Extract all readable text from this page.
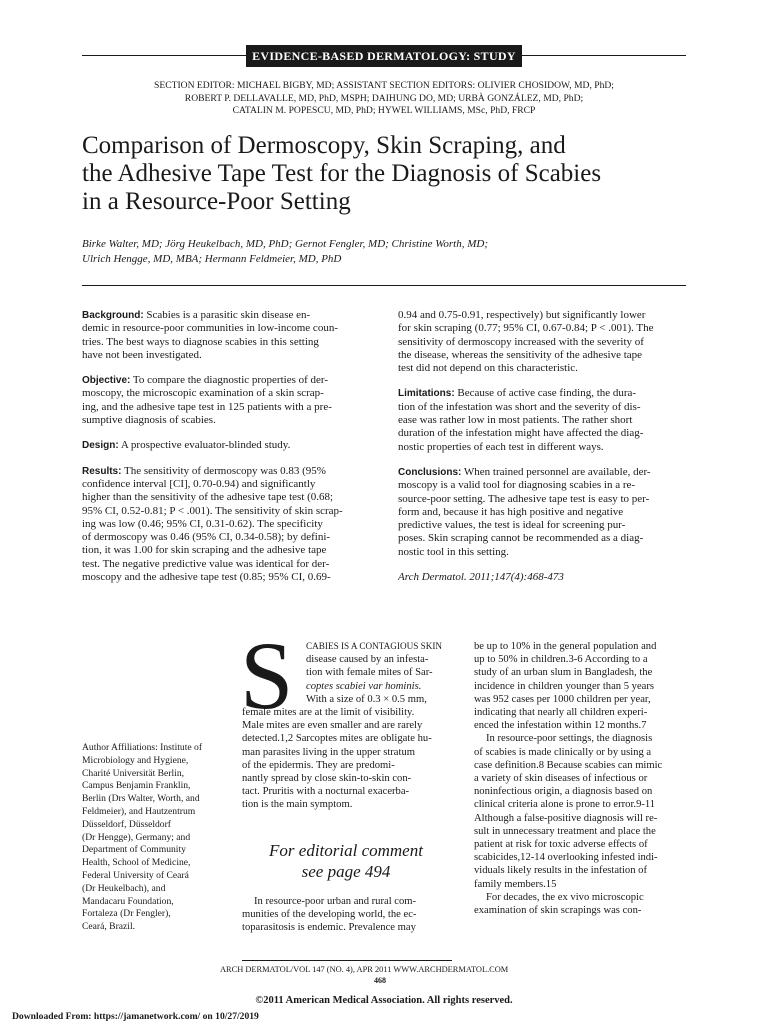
EVIDENCE-BASED DERMATOLOGY: STUDY
SECTION EDITOR: MICHAEL BIGBY, MD; ASSISTANT SECTION EDITORS: OLIVIER CHOSIDOW, MD, PhD;
ROBERT P. DELLAVALLE, MD, PhD, MSPH; DAIHUNG DO, MD; URBÀ GONZÁLEZ, MD, PhD;
CATALIN M. POPESCU, MD, PhD; HYWEL WILLIAMS, MSc, PhD, FRCP
Comparison of Dermoscopy, Skin Scraping, and
the Adhesive Tape Test for the Diagnosis of Scabies
in a Resource-Poor Setting
Birke Walter, MD; Jörg Heukelbach, MD, PhD; Gernot Fengler, MD; Christine Worth, MD;
Ulrich Hengge, MD, MBA; Hermann Feldmeier, MD, PhD
Background: Scabies is a parasitic skin disease en-
demic in resource-poor communities in low-income coun-
tries. The best ways to diagnose scabies in this setting
have not been investigated.
Objective: To compare the diagnostic properties of der-
moscopy, the microscopic examination of a skin scrap-
ing, and the adhesive tape test in 125 patients with a pre-
sumptive diagnosis of scabies.
Design: A prospective evaluator-blinded study.
Results: The sensitivity of dermoscopy was 0.83 (95%
confidence interval [CI], 0.70-0.94) and significantly
higher than the sensitivity of the adhesive tape test (0.68;
95% CI, 0.52-0.81; P < .001). The sensitivity of skin scrap-
ing was low (0.46; 95% CI, 0.31-0.62). The specificity
of dermoscopy was 0.46 (95% CI, 0.34-0.58); by defini-
tion, it was 1.00 for skin scraping and the adhesive tape
test. The negative predictive value was identical for der-
moscopy and the adhesive tape test (0.85; 95% CI, 0.69-
0.94 and 0.75-0.91, respectively) but significantly lower
for skin scraping (0.77; 95% CI, 0.67-0.84; P < .001). The
sensitivity of dermoscopy increased with the severity of
the disease, whereas the sensitivity of the adhesive tape
test did not depend on this characteristic.
Limitations: Because of active case finding, the dura-
tion of the infestation was short and the severity of dis-
ease was rather low in most patients. The rather short
duration of the infestation might have affected the diag-
nostic properties of each test in different ways.
Conclusions: When trained personnel are available, der-
moscopy is a valid tool for diagnosing scabies in a re-
source-poor setting. The adhesive tape test is easy to per-
form and, because it has high positive and negative
predictive values, the test is ideal for screening pur-
poses. Skin scraping cannot be recommended as a diag-
nostic tool in this setting.
Arch Dermatol. 2011;147(4):468-473
Author Affiliations: Institute of
Microbiology and Hygiene,
Charité Universität Berlin,
Campus Benjamin Franklin,
Berlin (Drs Walter, Worth, and
Feldmeier), and Hautzentrum
Düsseldorf, Düsseldorf
(Dr Hengge), Germany; and
Department of Community
Health, School of Medicine,
Federal University of Ceará
(Dr Heukelbach), and
Mandacaru Foundation,
Fortaleza (Dr Fengler),
Ceará, Brazil.
S	CABIES IS A CONTAGIOUS SKIN
disease caused by an infesta-
tion with female mites of Sar-
coptes scabiei var hominis.
With a size of 0.3 × 0.5 mm,
female mites are at the limit of visibility.
Male mites are even smaller and are rarely
detected.1,2 Sarcoptes mites are obligate hu-
man parasites living in the upper stratum
of the epidermis. They are predomi-
nantly spread by close skin-to-skin con-
tact. Pruritis with a nocturnal exacerba-
tion is the main symptom.
For editorial comment
see page 494
In resource-poor urban and rural com-
munities of the developing world, the ec-
toparasitosis is endemic. Prevalence may
be up to 10% in the general population and
up to 50% in children.3-6 According to a
study of an urban slum in Bangladesh, the
incidence in children younger than 5 years
was 952 cases per 1000 children per year,
indicating that nearly all children experi-
enced the infestation within 12 months.7
In resource-poor settings, the diagnosis
of scabies is made clinically or by using a
case definition.8 Because scabies can mimic
a variety of skin diseases of infectious or
noninfectious origin, a diagnosis based on
clinical criteria alone is prone to error.9-11
Although a false-positive diagnosis will re-
sult in unnecessary treatment and place the
patient at risk for toxic adverse effects of
scabicides,12-14 overlooking infested indi-
viduals likely results in the infestation of
family members.15
For decades, the ex vivo microscopic
examination of skin scrapings was con-
ARCH DERMATOL/VOL 147 (NO. 4), APR 2011 WWW.ARCHDERMATOL.COM
468
©2011 American Medical Association. All rights reserved.
Downloaded From: https://jamanetwork.com/ on 10/27/2019
